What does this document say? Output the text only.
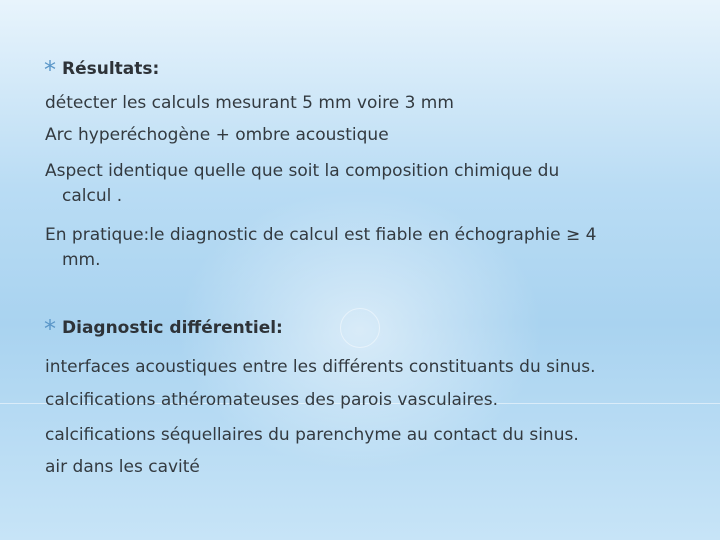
* Résultats:
détecter les calculs mesurant 5 mm voire 3 mm
Arc hyperéchogène + ombre acoustique
Aspect identique quelle que soit la composition chimique du
calcul .
En pratique:le diagnostic de calcul est fiable en échographie ≥ 4
mm.
* Diagnostic différentiel:
interfaces acoustiques entre les différents constituants du sinus.
calcifications athéromateuses des parois vasculaires.
calcifications séquellaires du parenchyme au contact du sinus.
air dans les cavité
